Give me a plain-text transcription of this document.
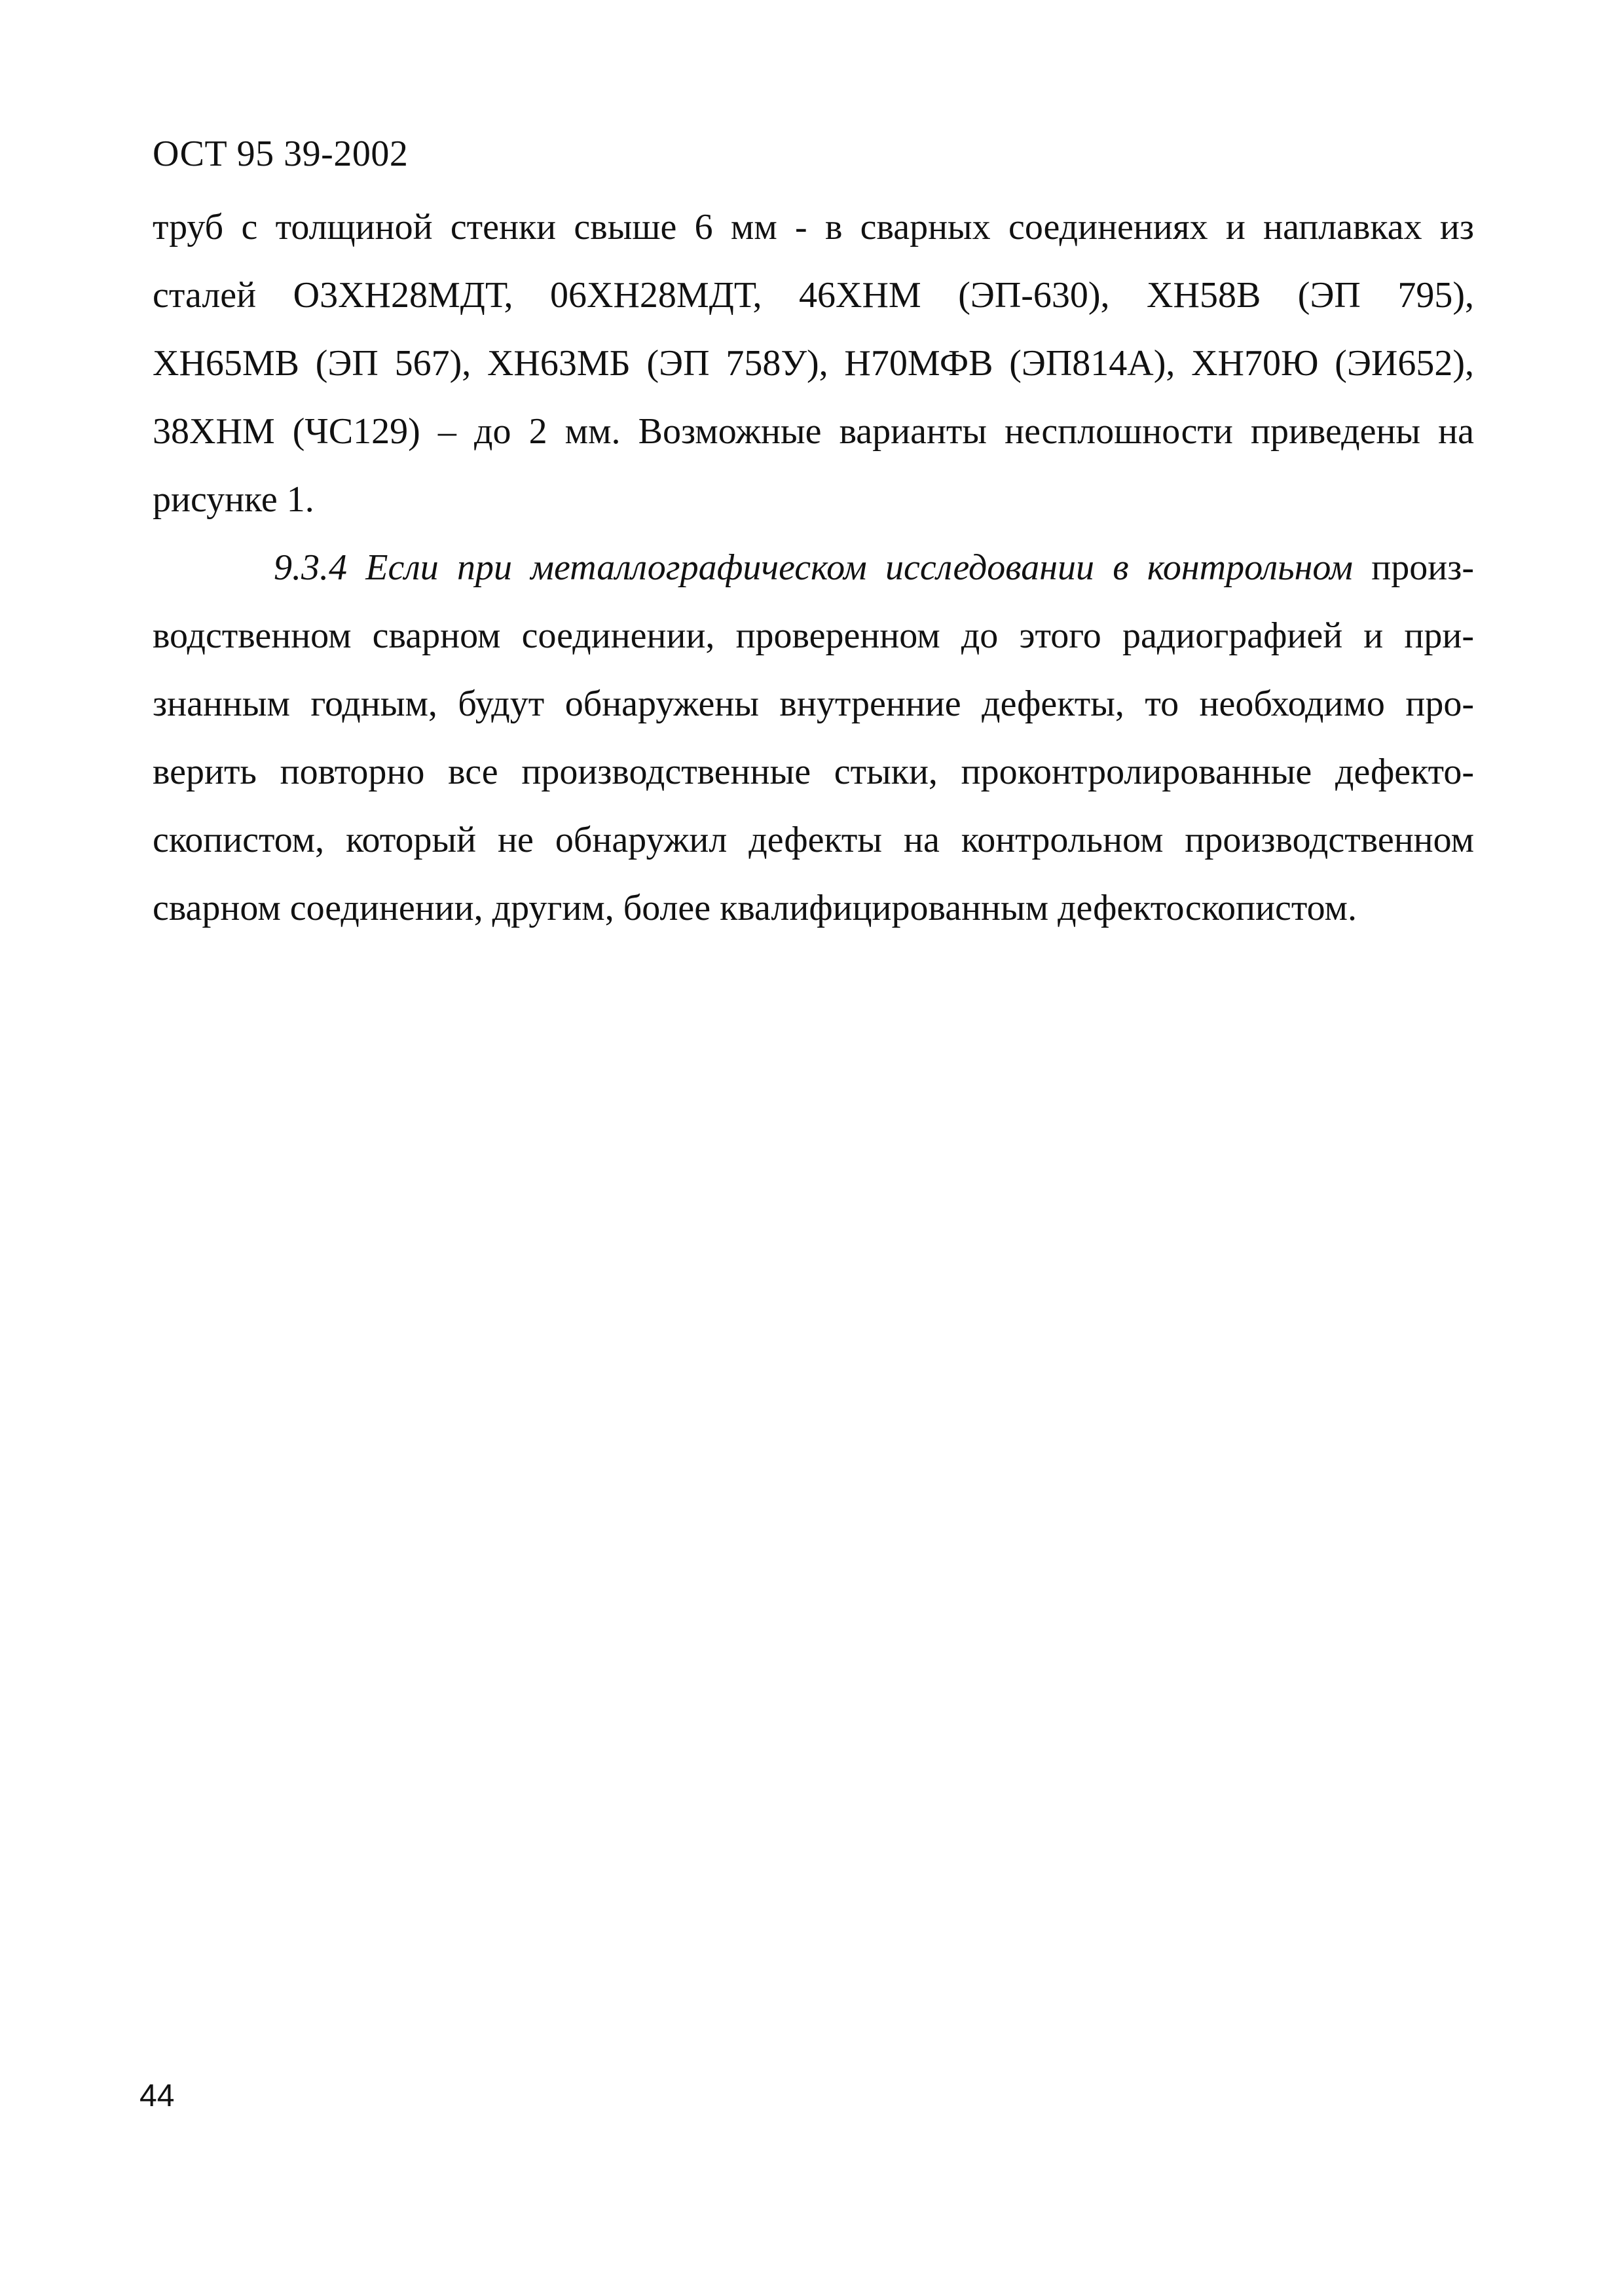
ОСТ 95 39-2002
труб с толщиной стенки свыше 6 мм - в сварных соединениях и наплавках из
сталей О3ХН28МДТ, 06ХН28МДТ, 46ХНМ (ЭП-630), ХН58В (ЭП 795),
ХН65МВ (ЭП 567), ХН63МБ (ЭП 758У), Н70МФВ (ЭП814А), ХН70Ю (ЭИ652),
38ХНМ (ЧС129) – до 2 мм. Возможные варианты несплошности приведены на
рисунке 1.
9.3.4 Если при металлографическом исследовании в контрольном произ-
водственном сварном соединении, проверенном до этого радиографией и при-
знанным годным, будут обнаружены внутренние дефекты, то необходимо про-
верить повторно все производственные стыки, проконтролированные дефекто-
скопистом, который не обнаружил дефекты на контрольном производственном
сварном соединении, другим, более квалифицированным дефектоскопистом.
44
